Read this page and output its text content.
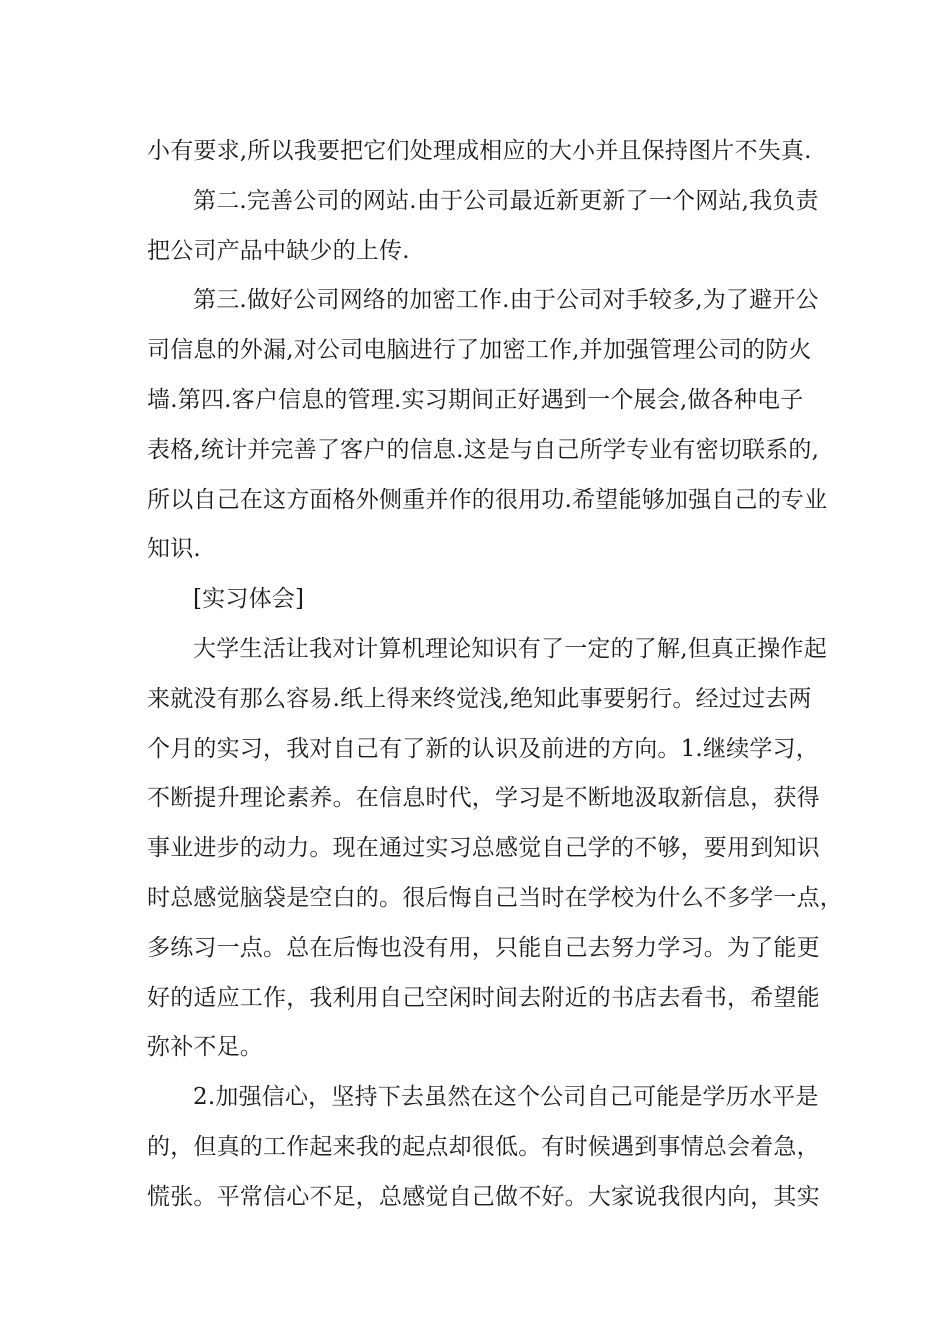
小有要求,所以我要把它们处理成相应的大小并且保持图片不失真.

第二.完善公司的网站.由于公司最近新更新了一个网站,我负责
把公司产品中缺少的上传.

第三.做好公司网络的加密工作.由于公司对手较多,为了避开公
司信息的外漏,对公司电脑进行了加密工作,并加强管理公司的防火
墙.第四.客户信息的管理.实习期间正好遇到一个展会,做各种电子
表格,统计并完善了客户的信息.这是与自己所学专业有密切联系的,
所以自己在这方面格外侧重并作的很用功.希望能够加强自己的专业
知识.

[实习体会]

大学生活让我对计算机理论知识有了一定的了解,但真正操作起
来就没有那么容易.纸上得来终觉浅,绝知此事要躬行。经过过去两
个月的实习，我对自己有了新的认识及前进的方向。1.继续学习，
不断提升理论素养。在信息时代，学习是不断地汲取新信息，获得
事业进步的动力。现在通过实习总感觉自己学的不够，要用到知识
时总感觉脑袋是空白的。很后悔自己当时在学校为什么不多学一点，
多练习一点。总在后悔也没有用，只能自己去努力学习。为了能更
好的适应工作，我利用自己空闲时间去附近的书店去看书，希望能
弥补不足。

2.加强信心，坚持下去虽然在这个公司自己可能是学历水平是
的，但真的工作起来我的起点却很低。有时候遇到事情总会着急，
慌张。平常信心不足，总感觉自己做不好。大家说我很内向，其实
